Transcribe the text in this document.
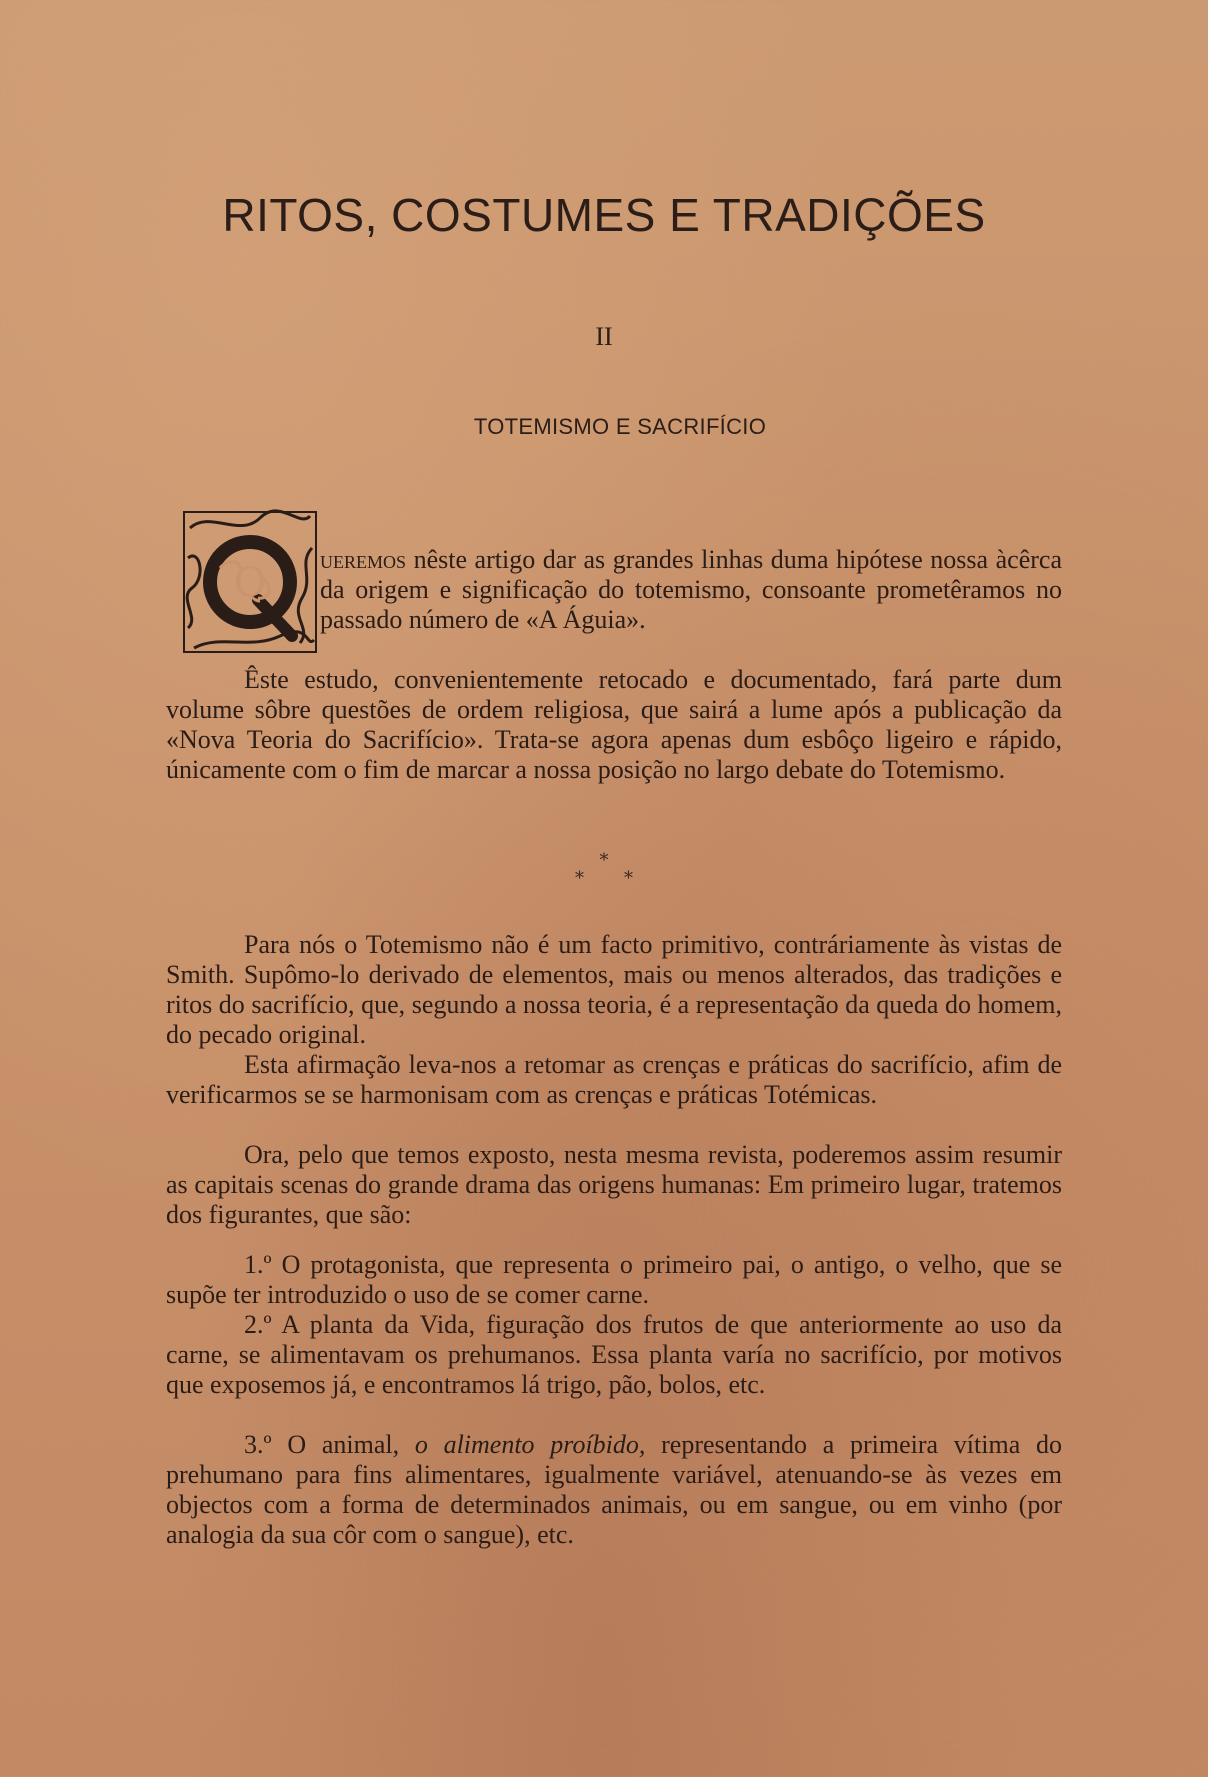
RITOS, COSTUMES E TRADIÇÕES
II
TOTEMISMO E SACRIFÍCIO
Q
ueremos nêste artigo dar as grandes linhas duma hipótese nossa àcêrca da origem e significação do totemismo, consoante prometêramos no passado número de «A Águia».

Êste estudo, convenientemente retocado e documentado, fará parte dum volume sôbre questões de ordem religiosa, que sairá a lume após a publicação da «Nova Teoria do Sacrifício». Trata-se agora apenas dum esbôço ligeiro e rápido, únicamente com o fim de marcar a nossa posição no largo debate do Totemismo.

*
**

Para nós o Totemismo não é um facto primitivo, contráriamente às vistas de Smith. Supômo-lo derivado de elementos, mais ou menos alterados, das tradições e ritos do sacrifício, que, segundo a nossa teoria, é a representação da queda do homem, do pecado original.

Esta afirmação leva-nos a retomar as crenças e práticas do sacrifício, afim de verificarmos se se harmonisam com as crenças e práticas Totémicas.

Ora, pelo que temos exposto, nesta mesma revista, poderemos assim resumir as capitais scenas do grande drama das origens humanas: Em primeiro lugar, tratemos dos figurantes, que são:

1.º O protagonista, que representa o primeiro pai, o antigo, o velho, que se supõe ter introduzido o uso de se comer carne.

2.º A planta da Vida, figuração dos frutos de que anteriormente ao uso da carne, se alimentavam os prehumanos. Essa planta varía no sacrifício, por motivos que exposemos já, e encontramos lá trigo, pão, bolos, etc.

3.º O animal, o alimento proíbido, representando a primeira vítima do prehumano para fins alimentares, igualmente variável, atenuando-se às vezes em objectos com a forma de determinados animais, ou em sangue, ou em vinho (por analogia da sua côr com o sangue), etc.
